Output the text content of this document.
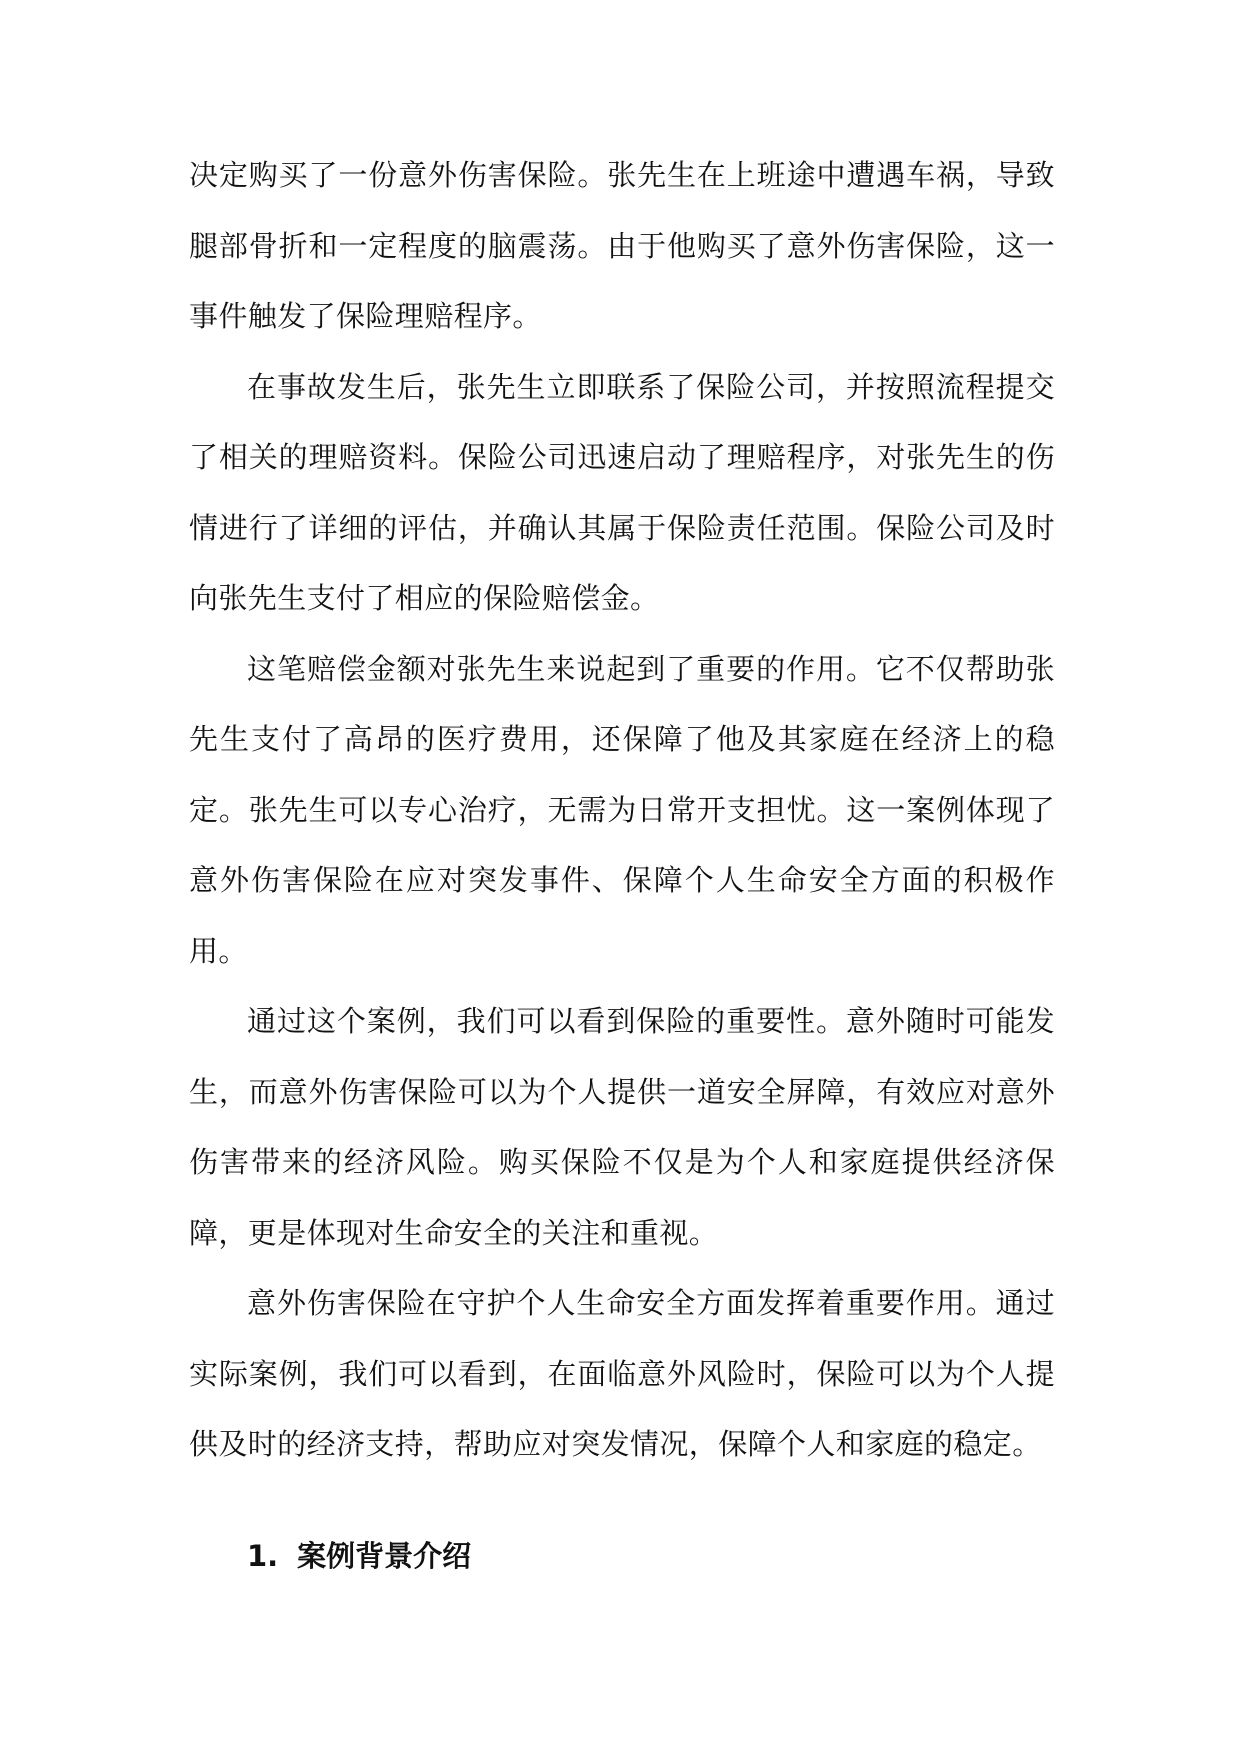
决定购买了一份意外伤害保险。张先生在上班途中遭遇车祸，导致腿部骨折和一定程度的脑震荡。由于他购买了意外伤害保险，这一事件触发了保险理赔程序。

在事故发生后，张先生立即联系了保险公司，并按照流程提交了相关的理赔资料。保险公司迅速启动了理赔程序，对张先生的伤情进行了详细的评估，并确认其属于保险责任范围。保险公司及时向张先生支付了相应的保险赔偿金。

这笔赔偿金额对张先生来说起到了重要的作用。它不仅帮助张先生支付了高昂的医疗费用，还保障了他及其家庭在经济上的稳定。张先生可以专心治疗，无需为日常开支担忧。这一案例体现了意外伤害保险在应对突发事件、保障个人生命安全方面的积极作用。

通过这个案例，我们可以看到保险的重要性。意外随时可能发生，而意外伤害保险可以为个人提供一道安全屏障，有效应对意外伤害带来的经济风险。购买保险不仅是为个人和家庭提供经济保障，更是体现对生命安全的关注和重视。

意外伤害保险在守护个人生命安全方面发挥着重要作用。通过实际案例，我们可以看到，在面临意外风险时，保险可以为个人提供及时的经济支持，帮助应对突发情况，保障个人和家庭的稳定。

1. 案例背景介绍
